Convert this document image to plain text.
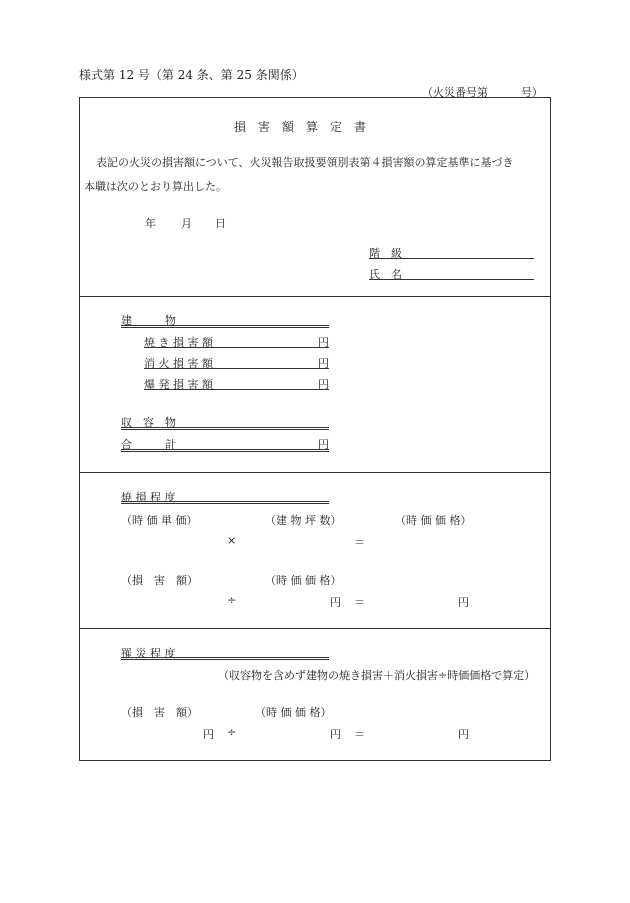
様式第 12 号（第 24 条、第 25 条関係）
（火災番号第	号）
損　害　額　算　定　書
表記の火災の損害額について、火災報告取扱要領別表第４損害額の算定基準に基づき
本職は次のとおり算出した。
年 月 日
階　級
氏　名
建　　　物
焼 き 損 害 額	円
消 火 損 害 額	円
爆 発 損 害 額	円
収　容　物
合　　　計	円
焼 損 程 度
（時 価 単 価）	（建 物 坪 数）	（時 価 価 格）
×	＝
（損　害　額）	（時 価 価 格）
÷	円 ＝	円
罹 災 程 度
（収容物を含めず建物の焼き損害＋消火損害÷時価価格で算定）
（損　害　額）	（時 価 価 格）
円 ÷	円 ＝	円
